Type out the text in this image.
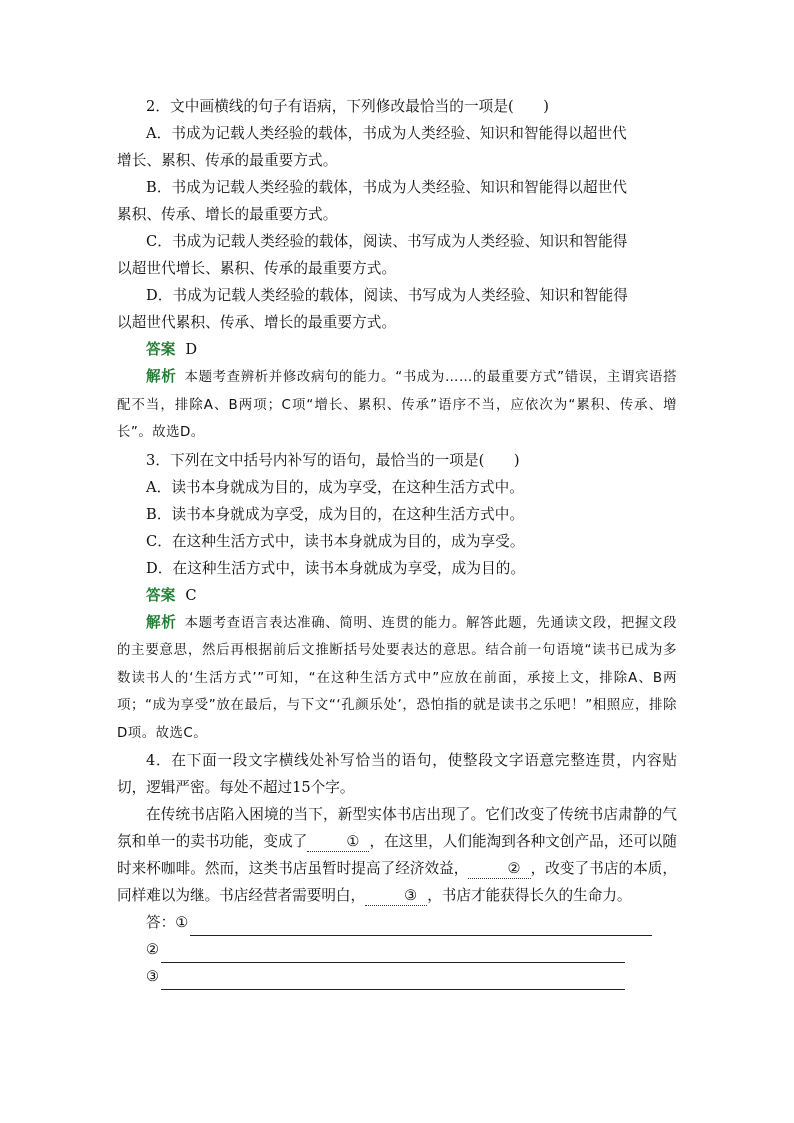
2．文中画横线的句子有语病，下列修改最恰当的一项是(　　)
A．书成为记载人类经验的载体，书成为人类经验、知识和智能得以超世代
增长、累积、传承的最重要方式。
B．书成为记载人类经验的载体，书成为人类经验、知识和智能得以超世代
累积、传承、增长的最重要方式。
C．书成为记载人类经验的载体，阅读、书写成为人类经验、知识和智能得
以超世代增长、累积、传承的最重要方式。
D．书成为记载人类经验的载体，阅读、书写成为人类经验、知识和智能得
以超世代累积、传承、增长的最重要方式。
答案 D
解析 本题考查辨析并修改病句的能力。“书成为……的最重要方式”错误，主谓宾语搭配不当，排除A、B两项；C项“增长、累积、传承”语序不当，应依次为“累积、传承、增长”。故选D。
3．下列在文中括号内补写的语句，最恰当的一项是(　　)
A．读书本身就成为目的，成为享受，在这种生活方式中。
B．读书本身就成为享受，成为目的，在这种生活方式中。
C．在这种生活方式中，读书本身就成为目的，成为享受。
D．在这种生活方式中，读书本身就成为享受，成为目的。
答案 C
解析 本题考查语言表达准确、简明、连贯的能力。解答此题，先通读文段，把握文段的主要意思，然后再根据前后文推断括号处要表达的意思。结合前一句语境“读书已成为多数读书人的‘生活方式’”可知，“在这种生活方式中”应放在前面，承接上文，排除A、B两项；“成为享受”放在最后，与下文“‘孔颜乐处’，恐怕指的就是读书之乐吧！”相照应，排除D项。故选C。
4．在下面一段文字横线处补写恰当的语句，使整段文字语意完整连贯，内容贴切，逻辑严密。每处不超过15个字。
在传统书店陷入困境的当下，新型实体书店出现了。它们改变了传统书店肃静的气氛和单一的卖书功能，变成了	① ，在这里，人们能淘到各种文创产品，还可以随时来杯咖啡。然而，这类书店虽暂时提高了经济效益，	② ，改变了书店的本质，同样难以为继。书店经营者需要明白，	③ ，书店才能获得长久的生命力。
答： ①
②
③
